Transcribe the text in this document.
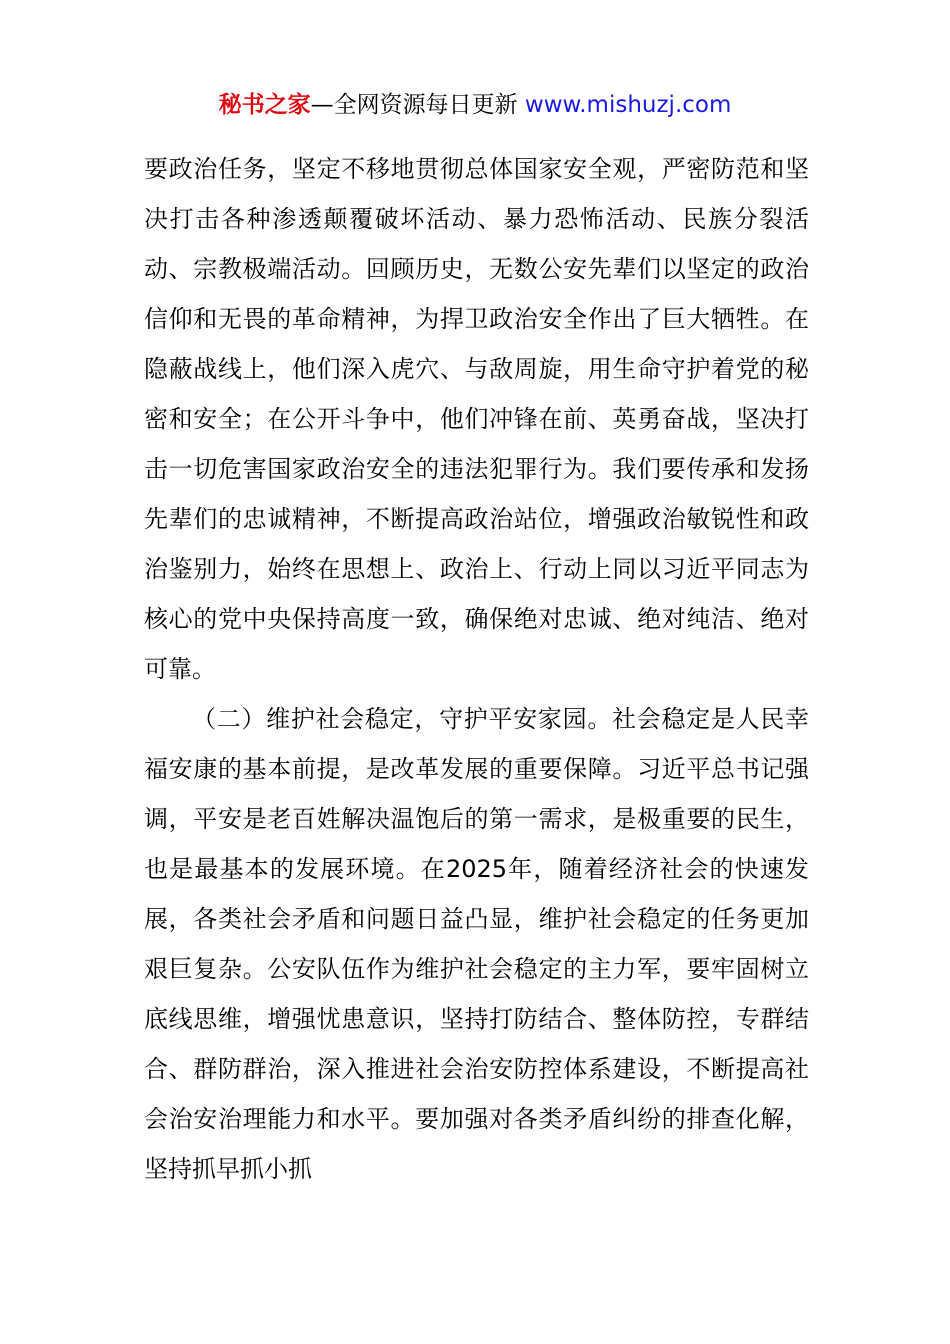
秘书之家—全网资源每日更新 www.mishuzj.com

要政治任务，坚定不移地贯彻总体国家安全观，严密防范和坚决打击各种渗透颠覆破坏活动、暴力恐怖活动、民族分裂活动、宗教极端活动。回顾历史，无数公安先辈们以坚定的政治信仰和无畏的革命精神，为捍卫政治安全作出了巨大牺牲。在隐蔽战线上，他们深入虎穴、与敌周旋，用生命守护着党的秘密和安全；在公开斗争中，他们冲锋在前、英勇奋战，坚决打击一切危害国家政治安全的违法犯罪行为。我们要传承和发扬先辈们的忠诚精神，不断提高政治站位，增强政治敏锐性和政治鉴别力，始终在思想上、政治上、行动上同以习近平同志为核心的党中央保持高度一致，确保绝对忠诚、绝对纯洁、绝对可靠。

（二）维护社会稳定，守护平安家园。社会稳定是人民幸福安康的基本前提，是改革发展的重要保障。习近平总书记强调，平安是老百姓解决温饱后的第一需求，是极重要的民生，也是最基本的发展环境。在2025年，随着经济社会的快速发展，各类社会矛盾和问题日益凸显，维护社会稳定的任务更加艰巨复杂。公安队伍作为维护社会稳定的主力军，要牢固树立底线思维，增强忧患意识，坚持打防结合、整体防控，专群结合、群防群治，深入推进社会治安防控体系建设，不断提高社会治安治理能力和水平。要加强对各类矛盾纠纷的排查化解，坚持抓早抓小抓
